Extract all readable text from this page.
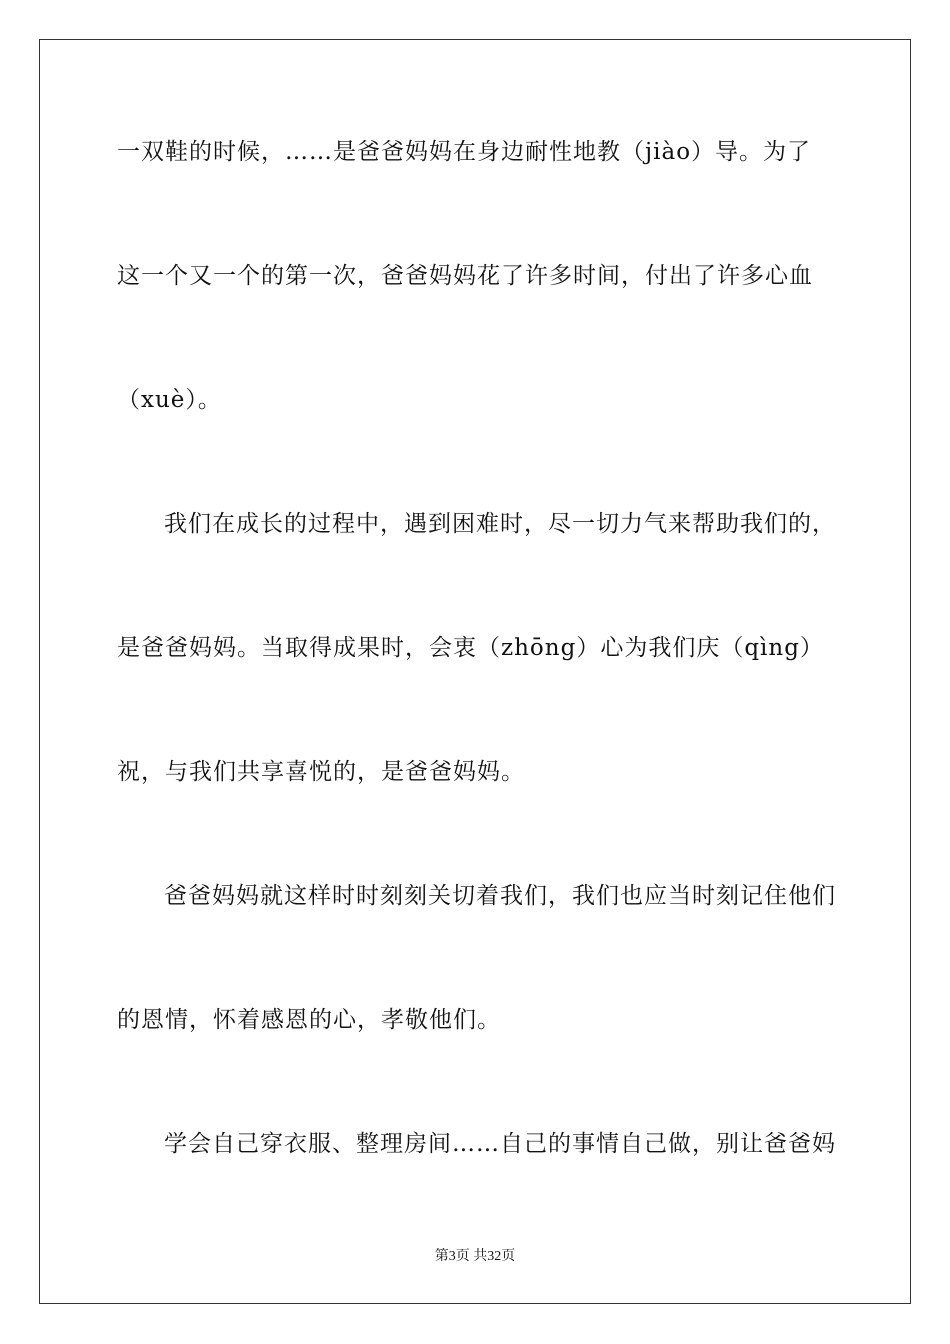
一双鞋的时候，……是爸爸妈妈在身边耐性地教（jiào）导。为了
这一个又一个的第一次，爸爸妈妈花了许多时间，付出了许多心血
（xuè）。
我们在成长的过程中，遇到困难时，尽一切力气来帮助我们的，
是爸爸妈妈。当取得成果时，会衷（zhōng）心为我们庆（qìng）
祝，与我们共享喜悦的，是爸爸妈妈。
爸爸妈妈就这样时时刻刻关切着我们，我们也应当时刻记住他们
的恩情，怀着感恩的心，孝敬他们。
学会自己穿衣服、整理房间……自己的事情自己做，别让爸爸妈
第3页 共32页
